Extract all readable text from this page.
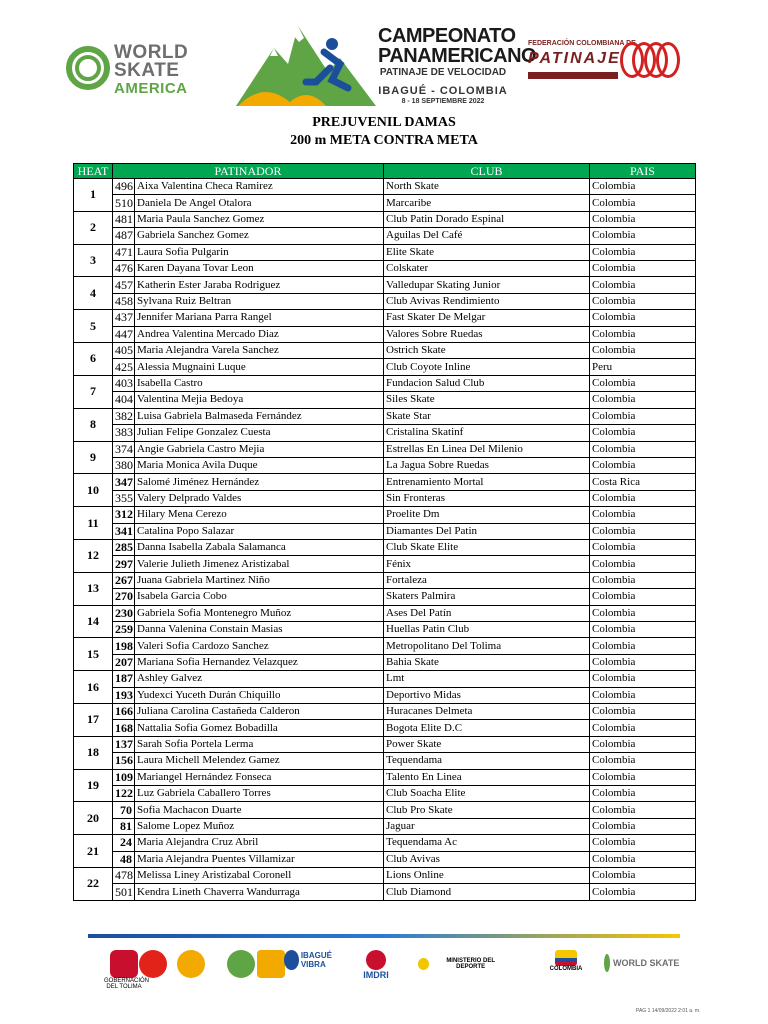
WORLD
SKATE
AMERICA
CAMPEONATO
PANAMERICANO
PATINAJE DE VELOCIDAD
IBAGUÉ - COLOMBIA
8 - 18 SEPTIEMBRE 2022
FEDERACIÓN COLOMBIANA DE
PATINAJE
PREJUVENIL DAMAS
200 m META CONTRA META
HEAT	PATINADOR		CLUB	PAIS
1	496	Aixa Valentina Checa Ramirez	North Skate	Colombia
	510	Daniela De Angel Otalora	Marcaribe	Colombia
2	481	Maria Paula Sanchez Gomez	Club Patin Dorado Espinal	Colombia
	487	Gabriela Sanchez Gomez	Aguilas Del Café	Colombia
3	471	Laura Sofia Pulgarin	Elite Skate	Colombia
	476	Karen Dayana Tovar Leon	Colskater	Colombia
4	457	Katherin Ester Jaraba Rodriguez	Valledupar Skating Junior	Colombia
	458	Sylvana Ruiz Beltran	Club Avivas Rendimiento	Colombia
5	437	Jennifer Mariana Parra Rangel	Fast Skater De Melgar	Colombia
	447	Andrea Valentina Mercado Diaz	Valores Sobre Ruedas	Colombia
6	405	Maria Alejandra Varela Sanchez	Ostrich Skate	Colombia
	425	Alessia Mugnaini Luque	Club Coyote Inline	Peru
7	403	Isabella Castro	Fundacion Salud Club	Colombia
	404	Valentina Mejia Bedoya	Siles Skate	Colombia
8	382	Luisa Gabriela Balmaseda Fernández	Skate Star	Colombia
	383	Julian Felipe Gonzalez Cuesta	Cristalina Skatinf	Colombia
9	374	Angie Gabriela Castro Mejia	Estrellas En Linea Del Milenio	Colombia
	380	Maria Monica Avila Duque	La Jagua Sobre Ruedas	Colombia
10	347	Salomé Jiménez Hernández	Entrenamiento Mortal	Costa Rica
	355	Valery Delprado Valdes	Sin Fronteras	Colombia
11	312	Hilary Mena Cerezo	Proelite Dm	Colombia
	341	Catalina Popo Salazar	Diamantes Del Patin	Colombia
12	285	Danna Isabella Zabala Salamanca	Club Skate Elite	Colombia
	297	Valerie Julieth Jimenez Aristizabal	Fénix	Colombia
13	267	Juana Gabriela Martinez Niño	Fortaleza	Colombia
	270	Isabela Garcia Cobo	Skaters Palmira	Colombia
14	230	Gabriela Sofia Montenegro Muñoz	Ases Del Patín	Colombia
	259	Danna Valenina Constain Masias	Huellas Patin Club	Colombia
15	198	Valeri Sofia Cardozo Sanchez	Metropolitano Del Tolima	Colombia
	207	Mariana Sofia Hernandez Velazquez	Bahia Skate	Colombia
16	187	Ashley Galvez	Lmt	Colombia
	193	Yudexci Yuceth Durán Chiquillo	Deportivo Midas	Colombia
17	166	Juliana Carolina Castañeda Calderon	Huracanes Delmeta	Colombia
	168	Nattalia Sofia Gomez Bobadilla	Bogota Elite D.C	Colombia
18	137	Sarah Sofia Portela Lerma	Power Skate	Colombia
	156	Laura Michell Melendez Gamez	Tequendama	Colombia
19	109	Mariangel Hernández Fonseca	Talento En Linea	Colombia
	122	Luz Gabriela Caballero Torres	Club Soacha Elite	Colombia
20	70	Sofia Machacon Duarte	Club Pro Skate	Colombia
	81	Salome Lopez Muñoz	Jaguar	Colombia
21	24	Maria Alejandra Cruz Abril	Tequendama Ac	Colombia
	48	Maria Alejandra Puentes Villamizar	Club Avivas	Colombia
22	478	Melissa Liney Aristizabal Coronell	Lions Online	Colombia
	501	Kendra Lineth Chaverra Wandurraga	Club Diamond	Colombia
GOBERNACIÓN DEL TOLIMA
IBAGUÉ VIBRA
IMDRI
MINISTERIO DEL DEPORTE	COLOMBIA
WORLD SKATE
PAG 1 14/09/2022 2:01 a. m.
